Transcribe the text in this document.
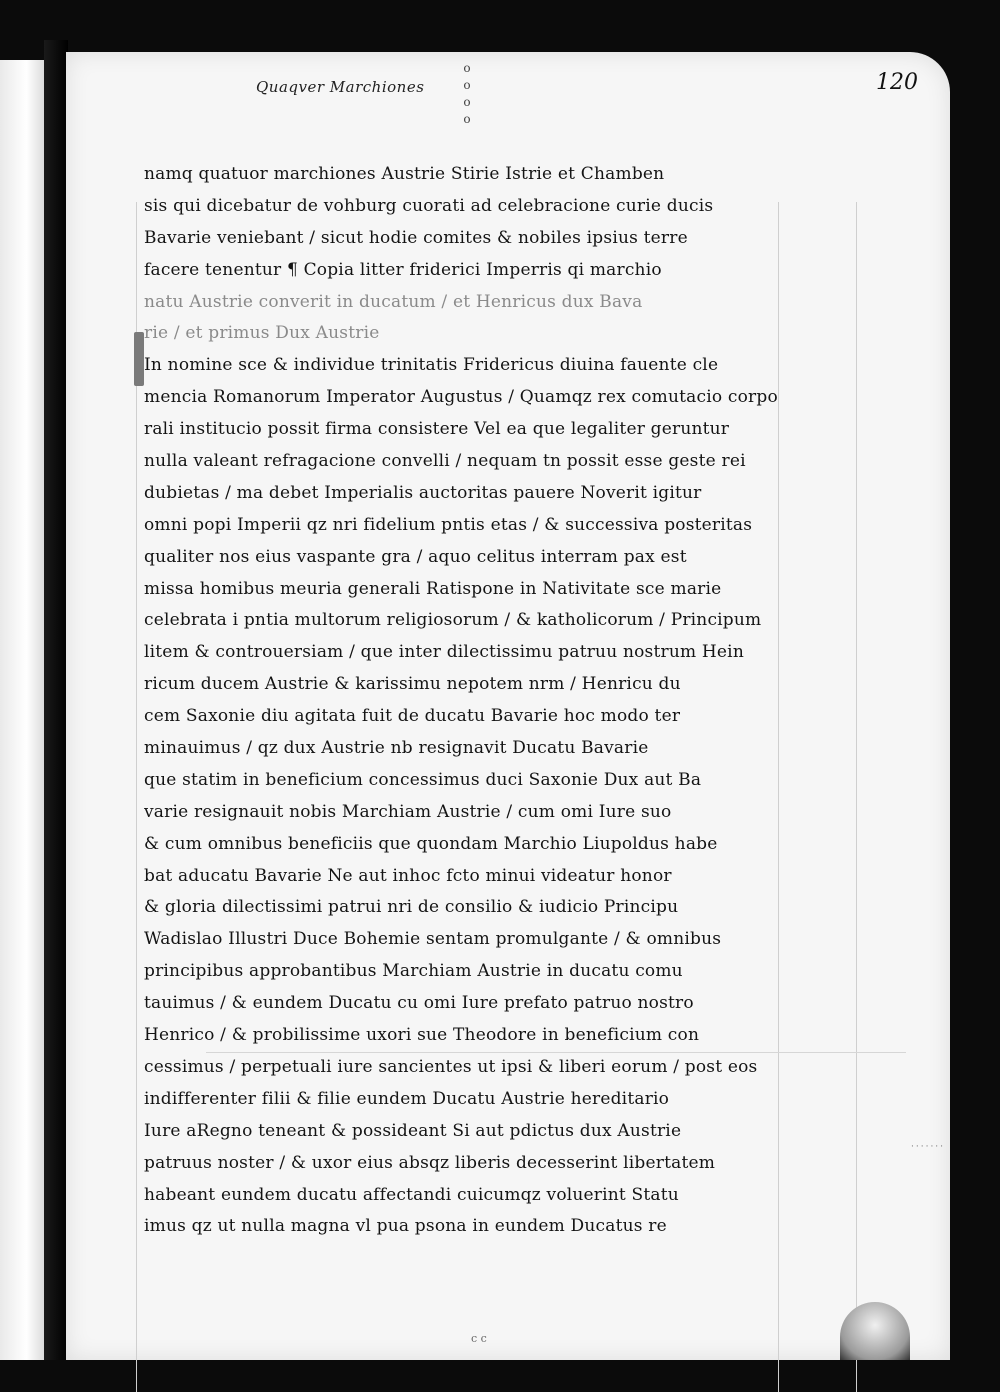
Quaqver Marchiones
o
o
o
o
120
namq quatuor marchiones Austrie Stirie Istrie et Chamben
sis qui dicebatur de vohburg cuorati ad celebracione curie ducis
Bavarie veniebant / sicut hodie comites & nobiles ipsius terre
facere tenentur ¶ Copia litter friderici Imperris qi marchio
natu Austrie converit in ducatum / et Henricus dux Bava
rie / et primus Dux Austrie
In nomine sce & individue trinitatis Fridericus diuina fauente cle
mencia Romanorum Imperator Augustus / Quamqz rex comutacio corpo
rali institucio possit firma consistere Vel ea que legaliter geruntur
nulla valeant refragacione convelli / nequam tn possit esse geste rei
dubietas / ma debet Imperialis auctoritas pauere Noverit igitur
omni popi Imperii qz nri fidelium pntis etas / & successiva posteritas
qualiter nos eius vaspante gra / aquo celitus interram pax est
missa homibus meuria generali Ratispone in Nativitate sce marie
celebrata i pntia multorum religiosorum / & katholicorum / Principum
litem & controuersiam / que inter dilectissimu patruu nostrum Hein
ricum ducem Austrie & karissimu nepotem nrm / Henricu du
cem Saxonie diu agitata fuit de ducatu Bavarie hoc modo ter
minauimus / qz dux Austrie nb resignavit Ducatu Bavarie
que statim in beneficium concessimus duci Saxonie Dux aut Ba
varie resignauit nobis Marchiam Austrie / cum omi Iure suo
& cum omnibus beneficiis que quondam Marchio Liupoldus habe
bat aducatu Bavarie Ne aut inhoc fcto minui videatur honor
& gloria dilectissimi patrui nri de consilio & iudicio Principu
Wadislao Illustri Duce Bohemie sentam promulgante / & omnibus
principibus approbantibus Marchiam Austrie in ducatu comu
tauimus / & eundem Ducatu cu omi Iure prefato patruo nostro
Henrico / & probilissime uxori sue Theodore in beneficium con
cessimus / perpetuali iure sancientes ut ipsi & liberi eorum / post eos
indifferenter filii & filie eundem Ducatu Austrie hereditario
Iure aRegno teneant & possideant Si aut pdictus dux Austrie
patruus noster / & uxor eius absqz liberis decesserint libertatem
habeant eundem ducatu affectandi cuicumqz voluerint Statu
imus qz ut nulla magna vl pua psona in eundem Ducatus re
·······
c c
